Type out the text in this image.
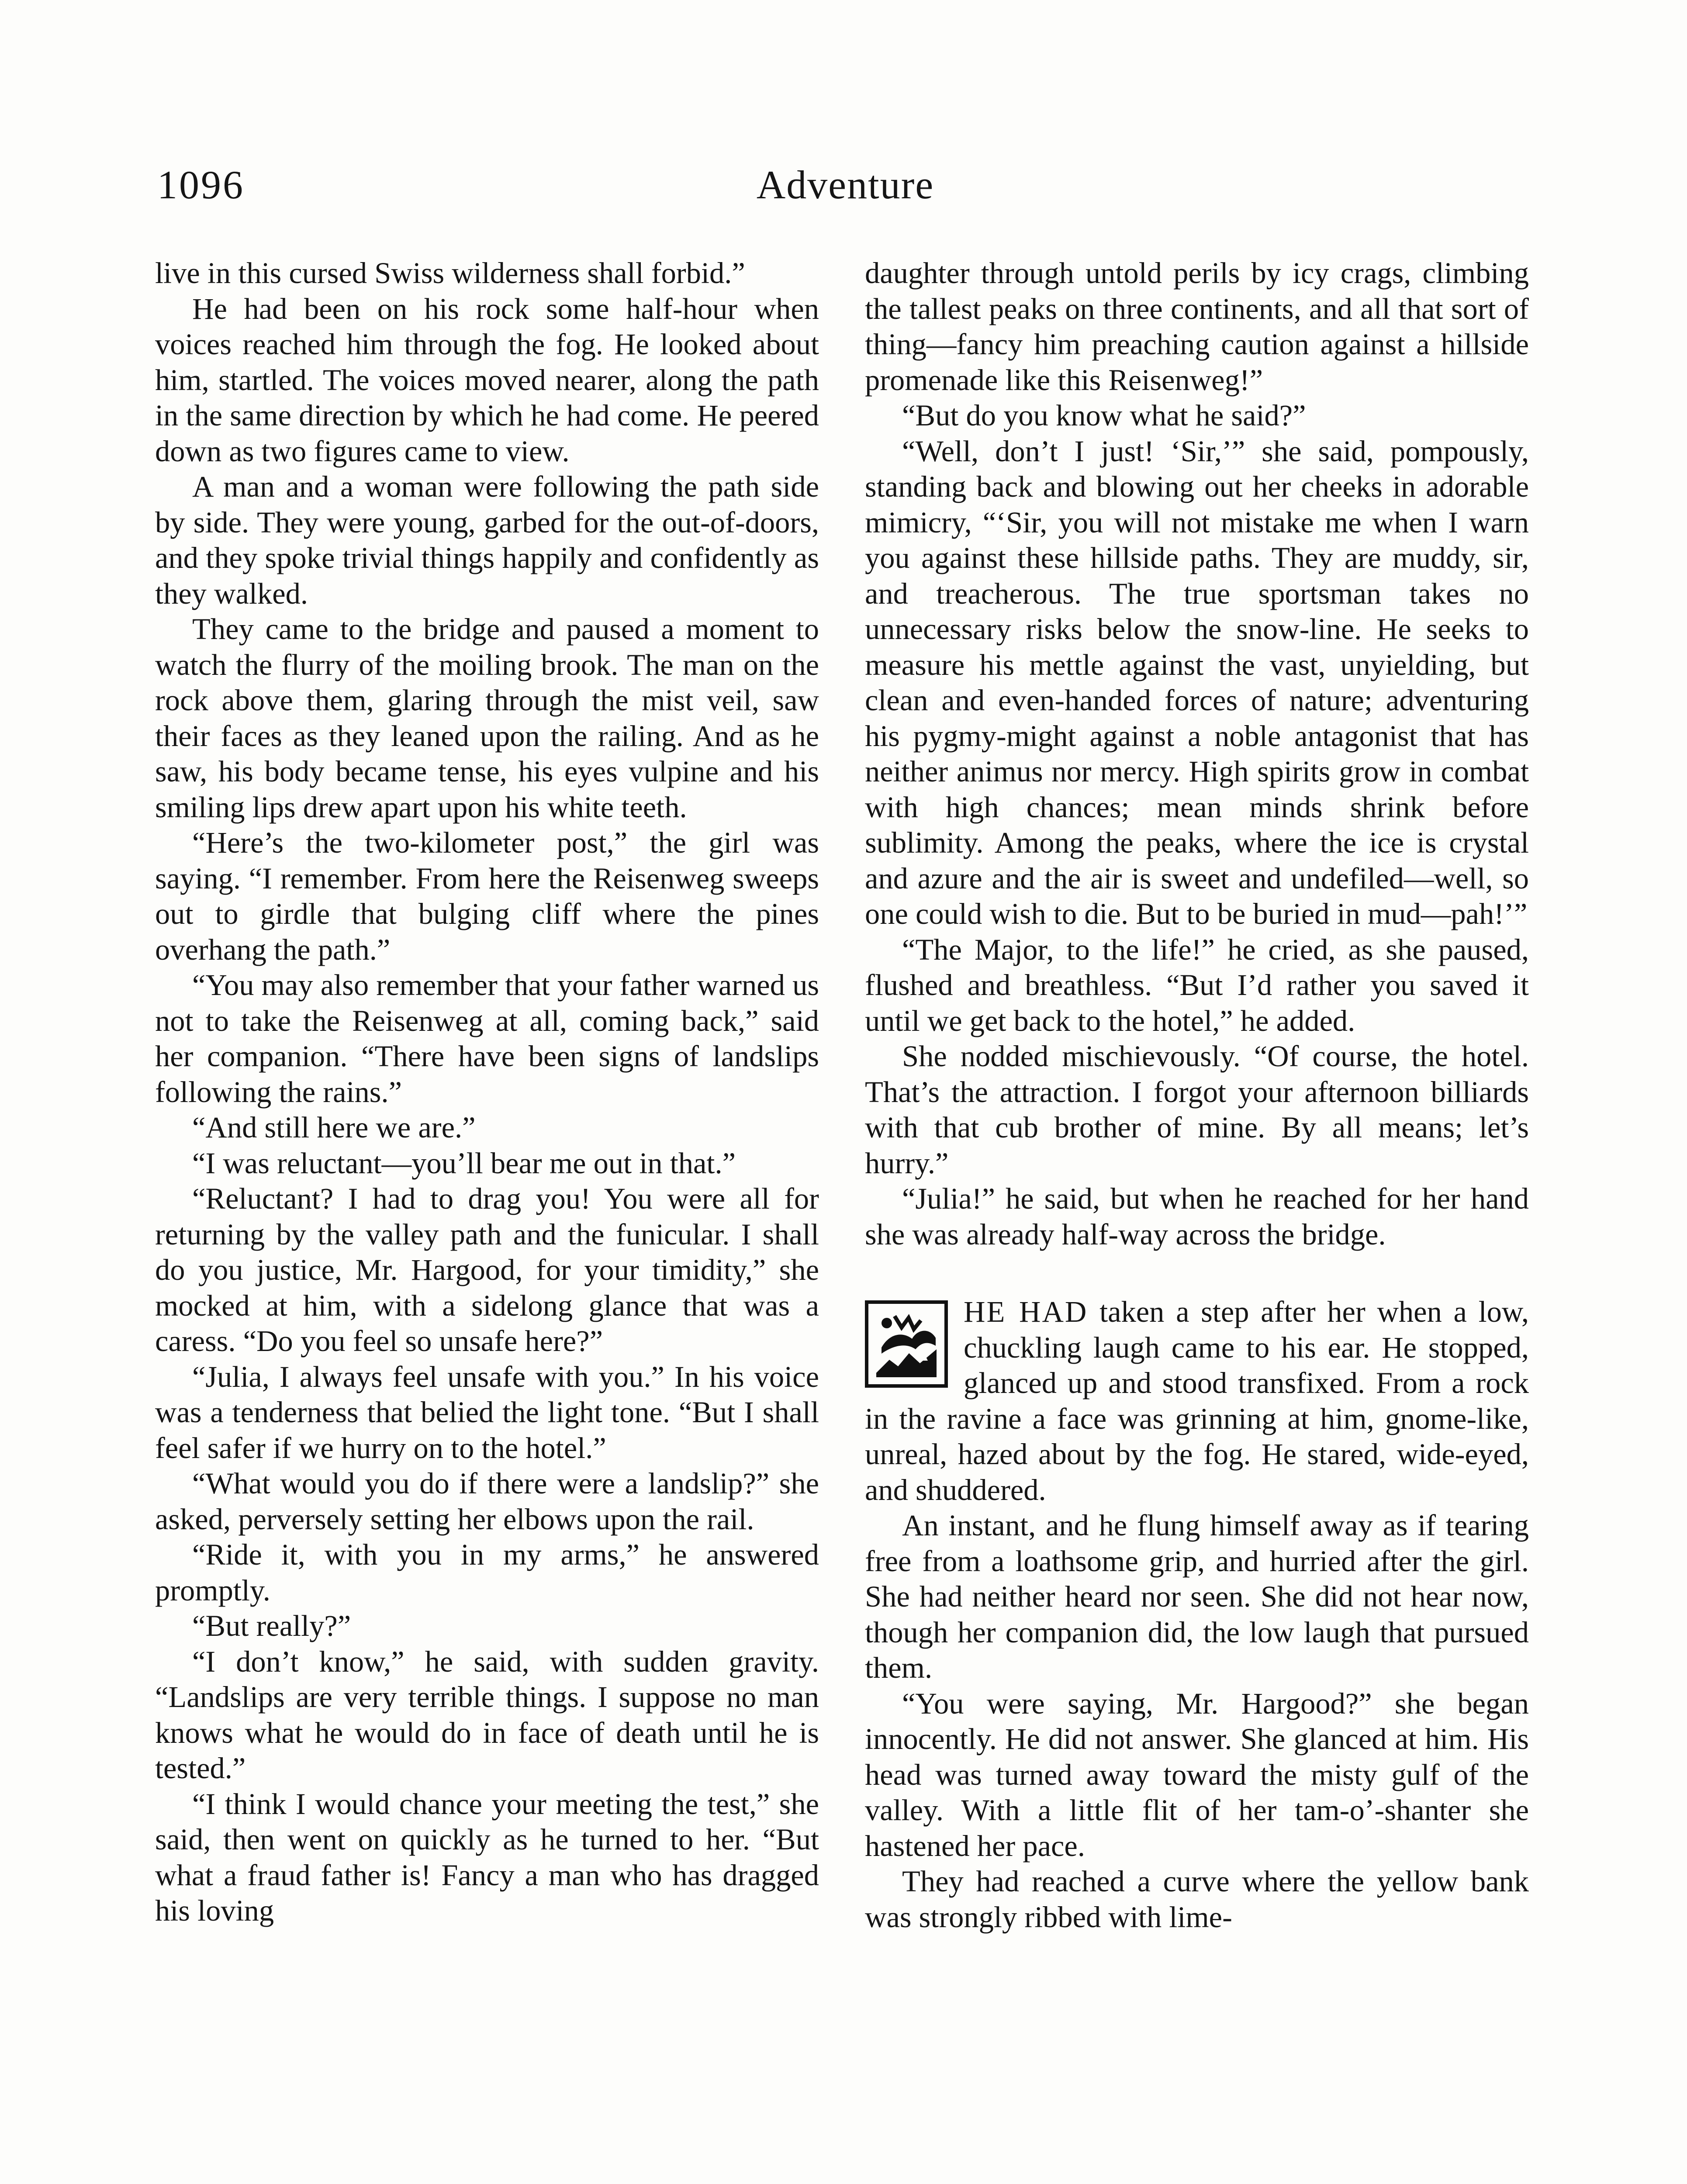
1096	Adventure

live in this cursed Swiss wilderness shall forbid.”

He had been on his rock some half-hour when voices reached him through the fog. He looked about him, startled. The voices moved nearer, along the path in the same direction by which he had come. He peered down as two figures came to view.

A man and a woman were following the path side by side. They were young, garbed for the out-of-doors, and they spoke trivial things happily and confidently as they walked.

They came to the bridge and paused a moment to watch the flurry of the moiling brook. The man on the rock above them, glaring through the mist veil, saw their faces as they leaned upon the railing. And as he saw, his body became tense, his eyes vulpine and his smiling lips drew apart upon his white teeth.

“Here’s the two-kilometer post,” the girl was saying. “I remember. From here the Reisenweg sweeps out to girdle that bulging cliff where the pines overhang the path.”

“You may also remember that your father warned us not to take the Reisenweg at all, coming back,” said her companion. “There have been signs of landslips following the rains.”

“And still here we are.”

“I was reluctant—you’ll bear me out in that.”

“Reluctant? I had to drag you! You were all for returning by the valley path and the funicular. I shall do you justice, Mr. Hargood, for your timidity,” she mocked at him, with a sidelong glance that was a caress. “Do you feel so unsafe here?”

“Julia, I always feel unsafe with you.” In his voice was a tenderness that belied the light tone. “But I shall feel safer if we hurry on to the hotel.”

“What would you do if there were a landslip?” she asked, perversely setting her elbows upon the rail.

“Ride it, with you in my arms,” he answered promptly.

“But really?”

“I don’t know,” he said, with sudden gravity. “Landslips are very terrible things. I suppose no man knows what he would do in face of death until he is tested.”

“I think I would chance your meeting the test,” she said, then went on quickly as he turned to her. “But what a fraud father is! Fancy a man who has dragged his loving

daughter through untold perils by icy crags, climbing the tallest peaks on three continents, and all that sort of thing—fancy him preaching caution against a hillside promenade like this Reisenweg!”

“But do you know what he said?”

“Well, don’t I just! ‘Sir,’” she said, pompously, standing back and blowing out her cheeks in adorable mimicry, “‘Sir, you will not mistake me when I warn you against these hillside paths. They are muddy, sir, and treacherous. The true sportsman takes no unnecessary risks below the snow-line. He seeks to measure his mettle against the vast, unyielding, but clean and even-handed forces of nature; adventuring his pygmy-might against a noble antagonist that has neither animus nor mercy. High spirits grow in combat with high chances; mean minds shrink before sublimity. Among the peaks, where the ice is crystal and azure and the air is sweet and undefiled—well, so one could wish to die. But to be buried in mud—pah!’”

“The Major, to the life!” he cried, as she paused, flushed and breathless. “But I’d rather you saved it until we get back to the hotel,” he added.

She nodded mischievously. “Of course, the hotel. That’s the attraction. I forgot your afternoon billiards with that cub brother of mine. By all means; let’s hurry.”

“Julia!” he said, but when he reached for her hand she was already half-way across the bridge.

HE HAD taken a step after her when a low, chuckling laugh came to his ear. He stopped, glanced up and stood transfixed. From a rock in the ravine a face was grinning at him, gnome-like, unreal, hazed about by the fog. He stared, wide-eyed, and shuddered.

An instant, and he flung himself away as if tearing free from a loathsome grip, and hurried after the girl. She had neither heard nor seen. She did not hear now, though her companion did, the low laugh that pursued them.

“You were saying, Mr. Hargood?” she began innocently. He did not answer. She glanced at him. His head was turned away toward the misty gulf of the valley. With a little flit of her tam-o’-shanter she hastened her pace.

They had reached a curve where the yellow bank was strongly ribbed with lime-
